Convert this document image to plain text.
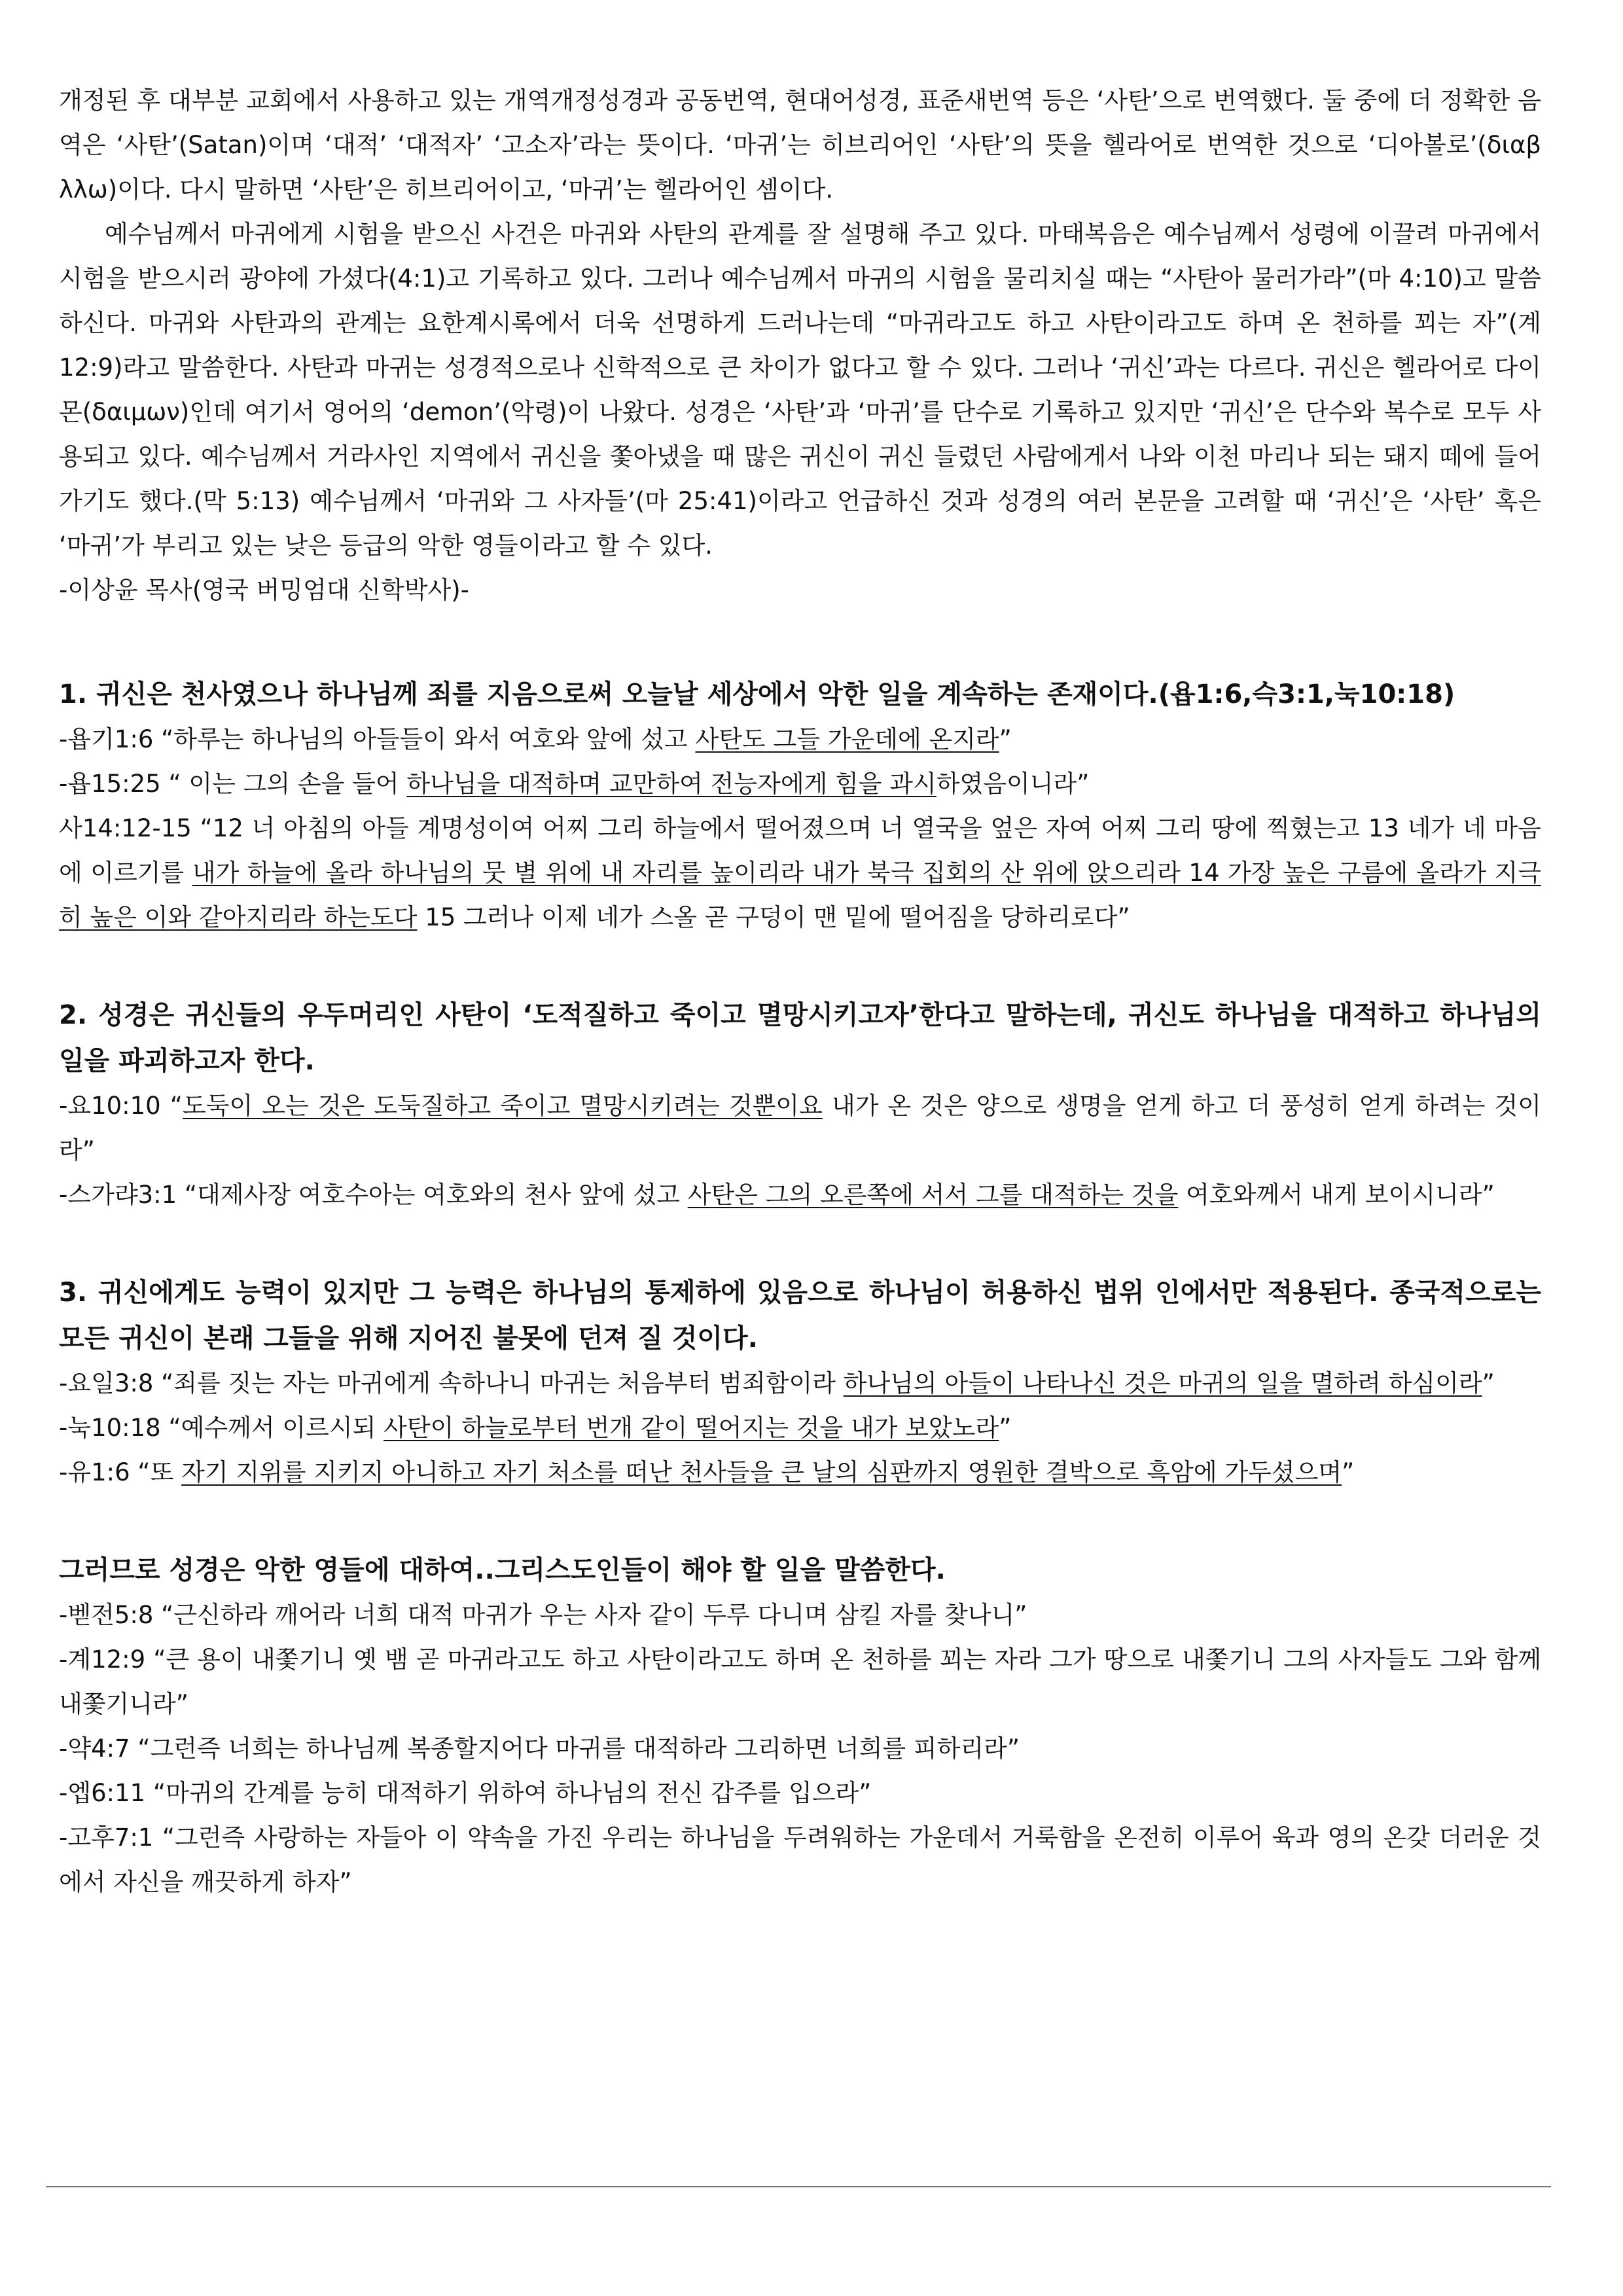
개정된 후 대부분 교회에서 사용하고 있는 개역개정성경과 공동번역, 현대어성경, 표준새번역 등은 ‘사탄’으로 번역했다. 둘 중에 더 정확한 음역은 ‘사탄’(Satan)이며 ‘대적’ ‘대적자’ ‘고소자’라는 뜻이다. ‘마귀’는 히브리어인 ‘사탄’의 뜻을 헬라어로 번역한 것으로 ‘디아볼로’(διαβ λλω)이다. 다시 말하면 ‘사탄’은 히브리어이고, ‘마귀’는 헬라어인 셈이다.

예수님께서 마귀에게 시험을 받으신 사건은 마귀와 사탄의 관계를 잘 설명해 주고 있다. 마태복음은 예수님께서 성령에 이끌려 마귀에서 시험을 받으시러 광야에 가셨다(4:1)고 기록하고 있다. 그러나 예수님께서 마귀의 시험을 물리치실 때는 “사탄아 물러가라”(마 4:10)고 말씀하신다. 마귀와 사탄과의 관계는 요한계시록에서 더욱 선명하게 드러나는데 “마귀라고도 하고 사탄이라고도 하며 온 천하를 꾀는 자”(계 12:9)라고 말씀한다. 사탄과 마귀는 성경적으로나 신학적으로 큰 차이가 없다고 할 수 있다. 그러나 ‘귀신’과는 다르다. 귀신은 헬라어로 다이몬(δαιμων)인데 여기서 영어의 ‘demon’(악령)이 나왔다. 성경은 ‘사탄’과 ‘마귀’를 단수로 기록하고 있지만 ‘귀신’은 단수와 복수로 모두 사용되고 있다. 예수님께서 거라사인 지역에서 귀신을 쫓아냈을 때 많은 귀신이 귀신 들렸던 사람에게서 나와 이천 마리나 되는 돼지 떼에 들어가기도 했다.(막 5:13) 예수님께서 ‘마귀와 그 사자들’(마 25:41)이라고 언급하신 것과 성경의 여러 본문을 고려할 때 ‘귀신’은 ‘사탄’ 혹은 ‘마귀’가 부리고 있는 낮은 등급의 악한 영들이라고 할 수 있다.

-이상윤 목사(영국 버밍엄대 신학박사)-

1. 귀신은 천사였으나 하나님께 죄를 지음으로써 오늘날 세상에서 악한 일을 계속하는 존재이다.(욥1:6,슥3:1,눅10:18)

-욥기1:6 “하루는 하나님의 아들들이 와서 여호와 앞에 섰고 사탄도 그들 가운데에 온지라”

-욥15:25 “ 이는 그의 손을 들어 하나님을 대적하며 교만하여 전능자에게 힘을 과시하였음이니라”

사14:12-15 “12 너 아침의 아들 계명성이여 어찌 그리 하늘에서 떨어졌으며 너 열국을 엎은 자여 어찌 그리 땅에 찍혔는고 13 네가 네 마음에 이르기를 내가 하늘에 올라 하나님의 뭇 별 위에 내 자리를 높이리라 내가 북극 집회의 산 위에 앉으리라 14 가장 높은 구름에 올라가 지극히 높은 이와 같아지리라 하는도다 15 그러나 이제 네가 스올 곧 구덩이 맨 밑에 떨어짐을 당하리로다”

2. 성경은 귀신들의 우두머리인 사탄이 ‘도적질하고 죽이고 멸망시키고자’한다고 말하는데, 귀신도 하나님을 대적하고 하나님의 일을 파괴하고자 한다.

-요10:10 “도둑이 오는 것은 도둑질하고 죽이고 멸망시키려는 것뿐이요 내가 온 것은 양으로 생명을 얻게 하고 더 풍성히 얻게 하려는 것이라”

-스가랴3:1 “대제사장 여호수아는 여호와의 천사 앞에 섰고 사탄은 그의 오른쪽에 서서 그를 대적하는 것을 여호와께서 내게 보이시니라”

3. 귀신에게도 능력이 있지만 그 능력은 하나님의 통제하에 있음으로 하나님이 허용하신 법위 인에서만 적용된다. 종국적으로는 모든 귀신이 본래 그들을 위해 지어진 불못에 던져 질 것이다.

-요일3:8 “죄를 짓는 자는 마귀에게 속하나니 마귀는 처음부터 범죄함이라 하나님의 아들이 나타나신 것은 마귀의 일을 멸하려 하심이라”

-눅10:18 “예수께서 이르시되 사탄이 하늘로부터 번개 같이 떨어지는 것을 내가 보았노라”

-유1:6 “또 자기 지위를 지키지 아니하고 자기 처소를 떠난 천사들을 큰 날의 심판까지 영원한 결박으로 흑암에 가두셨으며”

그러므로 성경은 악한 영들에 대하여..그리스도인들이 해야 할 일을 말씀한다.

-벧전5:8 “근신하라 깨어라 너희 대적 마귀가 우는 사자 같이 두루 다니며 삼킬 자를 찾나니”

-계12:9 “큰 용이 내쫓기니 옛 뱀 곧 마귀라고도 하고 사탄이라고도 하며 온 천하를 꾀는 자라 그가 땅으로 내쫓기니 그의 사자들도 그와 함께 내쫓기니라”

-약4:7 “그런즉 너희는 하나님께 복종할지어다 마귀를 대적하라 그리하면 너희를 피하리라”

-엡6:11 “마귀의 간계를 능히 대적하기 위하여 하나님의 전신 갑주를 입으라”

-고후7:1 “그런즉 사랑하는 자들아 이 약속을 가진 우리는 하나님을 두려워하는 가운데서 거룩함을 온전히 이루어 육과 영의 온갖 더러운 것에서 자신을 깨끗하게 하자”
